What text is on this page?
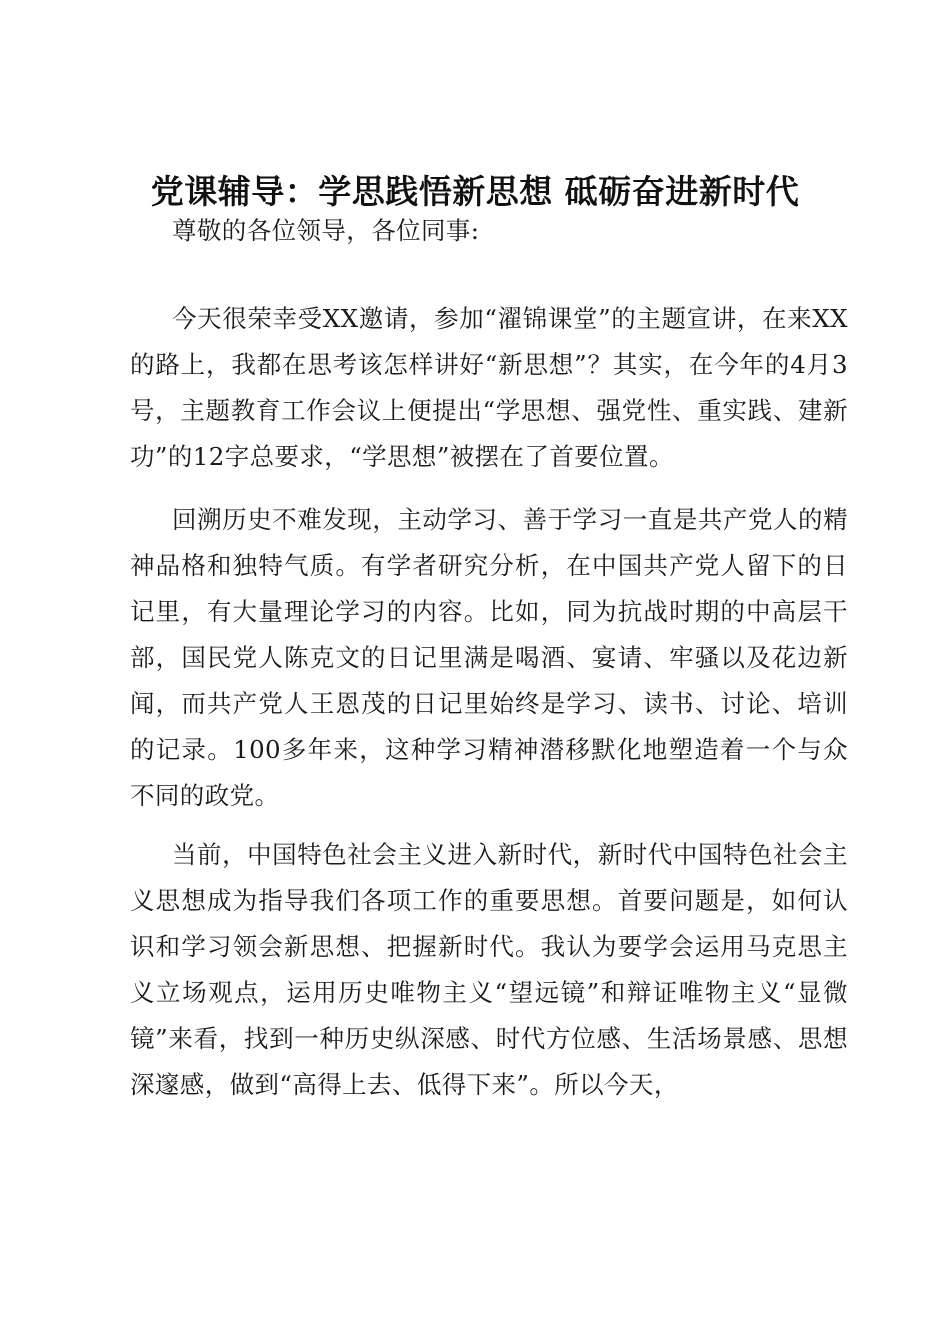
党课辅导：学思践悟新思想 砥砺奋进新时代

尊敬的各位领导，各位同事:

今天很荣幸受XX邀请，参加“濯锦课堂”的主题宣讲，在来XX的路上，我都在思考该怎样讲好“新思想”？其实，在今年的4月3号，主题教育工作会议上便提出“学思想、强党性、重实践、建新功”的12字总要求，“学思想”被摆在了首要位置。

回溯历史不难发现，主动学习、善于学习一直是共产党人的精神品格和独特气质。有学者研究分析，在中国共产党人留下的日记里，有大量理论学习的内容。比如，同为抗战时期的中高层干部，国民党人陈克文的日记里满是喝酒、宴请、牢骚以及花边新闻，而共产党人王恩茂的日记里始终是学习、读书、讨论、培训的记录。100多年来，这种学习精神潜移默化地塑造着一个与众不同的政党。

当前，中国特色社会主义进入新时代，新时代中国特色社会主义思想成为指导我们各项工作的重要思想。首要问题是，如何认识和学习领会新思想、把握新时代。我认为要学会运用马克思主义立场观点，运用历史唯物主义“望远镜”和辩证唯物主义“显微镜”来看，找到一种历史纵深感、时代方位感、生活场景感、思想深邃感，做到“高得上去、低得下来”。所以今天，
